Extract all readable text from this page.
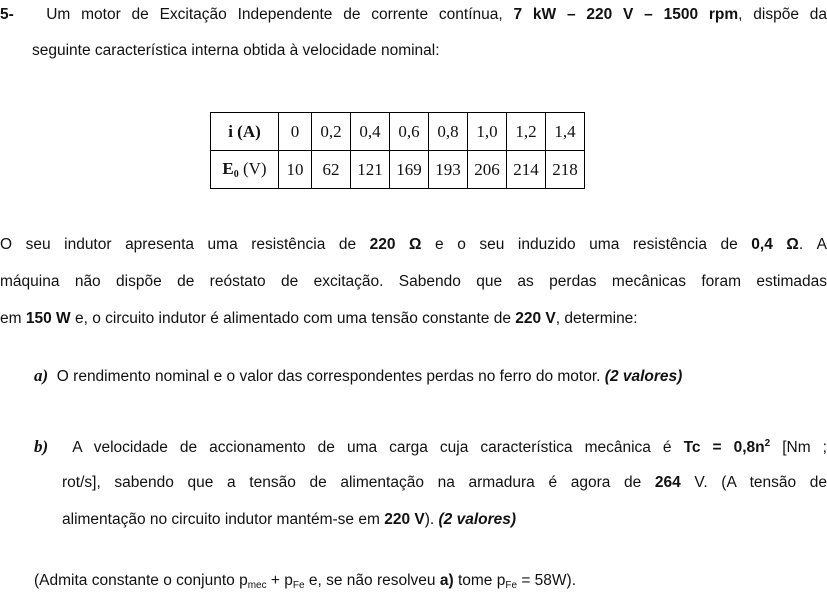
5- Um motor de Excitação Independente de corrente contínua, 7 kW – 220 V – 1500 rpm, dispõe da
seguinte característica interna obtida à velocidade nominal:
i (A)	0	0,2	0,4	0,6	0,8	1,0	1,2	1,4
$E_0$ (V)	10	62	121	169	193	206	214	218
O seu indutor apresenta uma resistência de 220 Ω e o seu induzido uma resistência de 0,4 Ω. A
máquina não dispõe de reóstato de excitação. Sabendo que as perdas mecânicas foram estimadas
em 150 W e, o circuito indutor é alimentado com uma tensão constante de 220 V, determine:
a) O rendimento nominal e o valor das correspondentes perdas no ferro do motor. (2 valores)
b) A velocidade de accionamento de uma carga cuja característica mecânica é $Tc = 0,8n^2$ [Nm ;
rot/s], sabendo que a tensão de alimentação na armadura é agora de 264 V. (A tensão de
alimentação no circuito indutor mantém-se em 220 V). (2 valores)
(Admita constante o conjunto $p_{mec} + p_{Fe}$ e, se não resolveu a) tome $p_{Fe} = 58W$).
